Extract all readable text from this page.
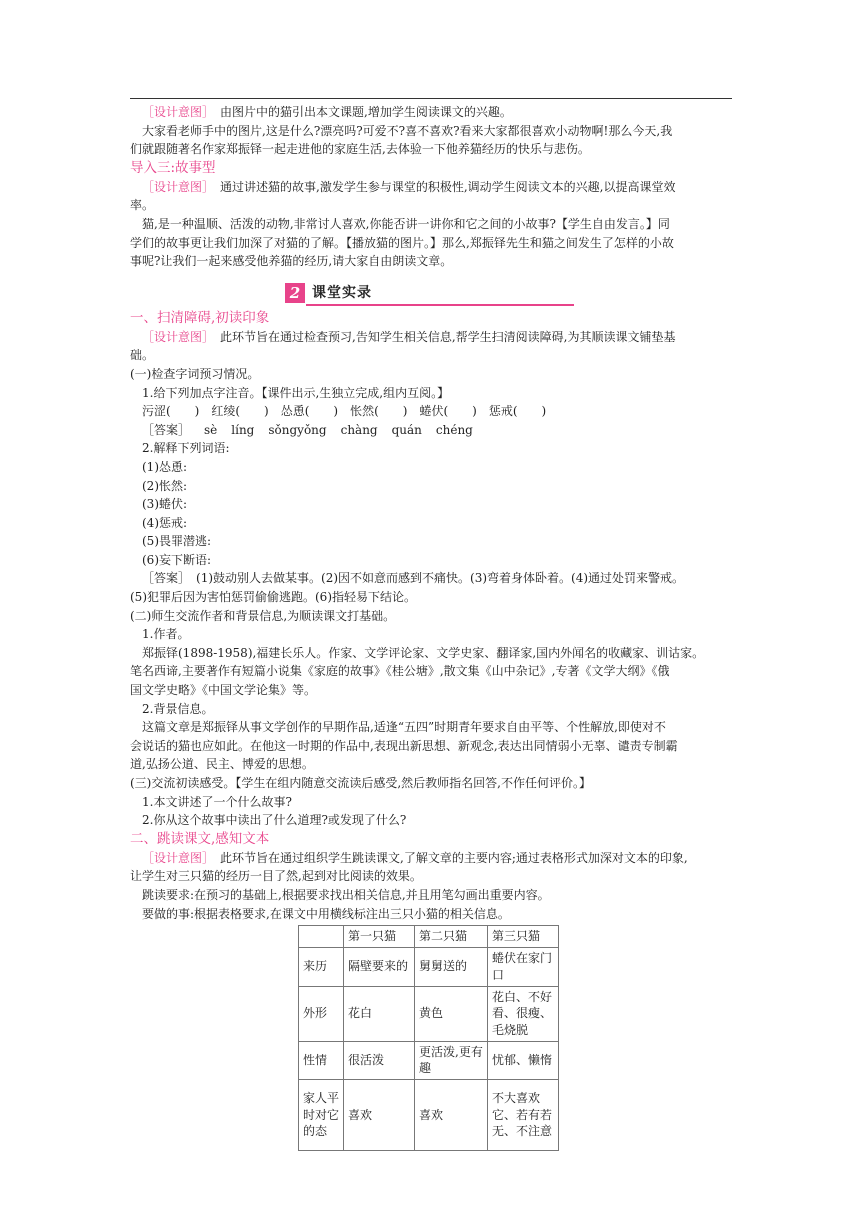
［设计意图］　 由图片中的猫引出本文课题,增加学生阅读课文的兴趣。
大家看老师手中的图片,这是什么?漂亮吗?可爱不?喜不喜欢?看来大家都很喜欢小动物啊!那么今天,我
们就跟随著名作家郑振铎一起走进他的家庭生活,去体验一下他养猫经历的快乐与悲伤。
导入三:故事型
［设计意图］　 通过讲述猫的故事,激发学生参与课堂的积极性,调动学生阅读文本的兴趣,以提高课堂效
率。
猫,是一种温顺、活泼的动物,非常讨人喜欢,你能否讲一讲你和它之间的小故事?【学生自由发言。】同
学们的故事更让我们加深了对猫的了解。【播放猫的图片。】那么,郑振铎先生和猫之间发生了怎样的小故
事呢?让我们一起来感受他养猫的经历,请大家自由朗读文章。
2 课堂实录
一、扫清障碍,初读印象
［设计意图］　 此环节旨在通过检查预习,告知学生相关信息,帮学生扫清阅读障碍,为其顺读课文铺垫基
础。
(一)检查字词预习情况。
1.给下列加点字注音。【课件出示,生独立完成,组内互阅。】
污涩(　　)　红绫(　　)　怂恿(　　)　怅然(　　)　蜷伏(　　)　惩戒(　　)
［答案］ sè líng sǒngyǒng chàng quán chéng
2.解释下列词语:
(1)怂恿:
(2)怅然:
(3)蜷伏:
(4)惩戒:
(5)畏罪潜逃:
(6)妄下断语:
［答案］　 (1)鼓动别人去做某事。(2)因不如意而感到不痛快。(3)弯着身体卧着。(4)通过处罚来警戒。
(5)犯罪后因为害怕惩罚偷偷逃跑。(6)指轻易下结论。
(二)师生交流作者和背景信息,为顺读课文打基础。
1.作者。
郑振铎(1898-1958),福建长乐人。作家、文学评论家、文学史家、翻译家,国内外闻名的收藏家、训诂家。
笔名西谛,主要著作有短篇小说集《家庭的故事》《桂公塘》,散文集《山中杂记》,专著《文学大纲》《俄
国文学史略》《中国文学论集》等。
2.背景信息。
这篇文章是郑振铎从事文学创作的早期作品,适逢“五四”时期青年要求自由平等、个性解放,即使对不
会说话的猫也应如此。在他这一时期的作品中,表现出新思想、新观念,表达出同情弱小无辜、谴责专制霸
道,弘扬公道、民主、博爱的思想。
(三)交流初读感受。【学生在组内随意交流读后感受,然后教师指名回答,不作任何评价。】
1.本文讲述了一个什么故事?
2.你从这个故事中读出了什么道理?或发现了什么?
二、跳读课文,感知文本
［设计意图］　 此环节旨在通过组织学生跳读课文,了解文章的主要内容;通过表格形式加深对文本的印象,
让学生对三只猫的经历一目了然,起到对比阅读的效果。
跳读要求:在预习的基础上,根据要求找出相关信息,并且用笔勾画出重要内容。
要做的事:根据表格要求,在课文中用横线标注出三只小猫的相关信息。
	第一只猫	第二只猫	第三只猫
来历	隔壁要来的	舅舅送的	蜷伏在家门口
外形	花白	黄色	花白、不好看、很瘦、毛烧脱
性情	很活泼	更活泼,更有趣	忧郁、懒惰
家人平时对它的态	喜欢	喜欢	不大喜欢它、若有若无、不注意
